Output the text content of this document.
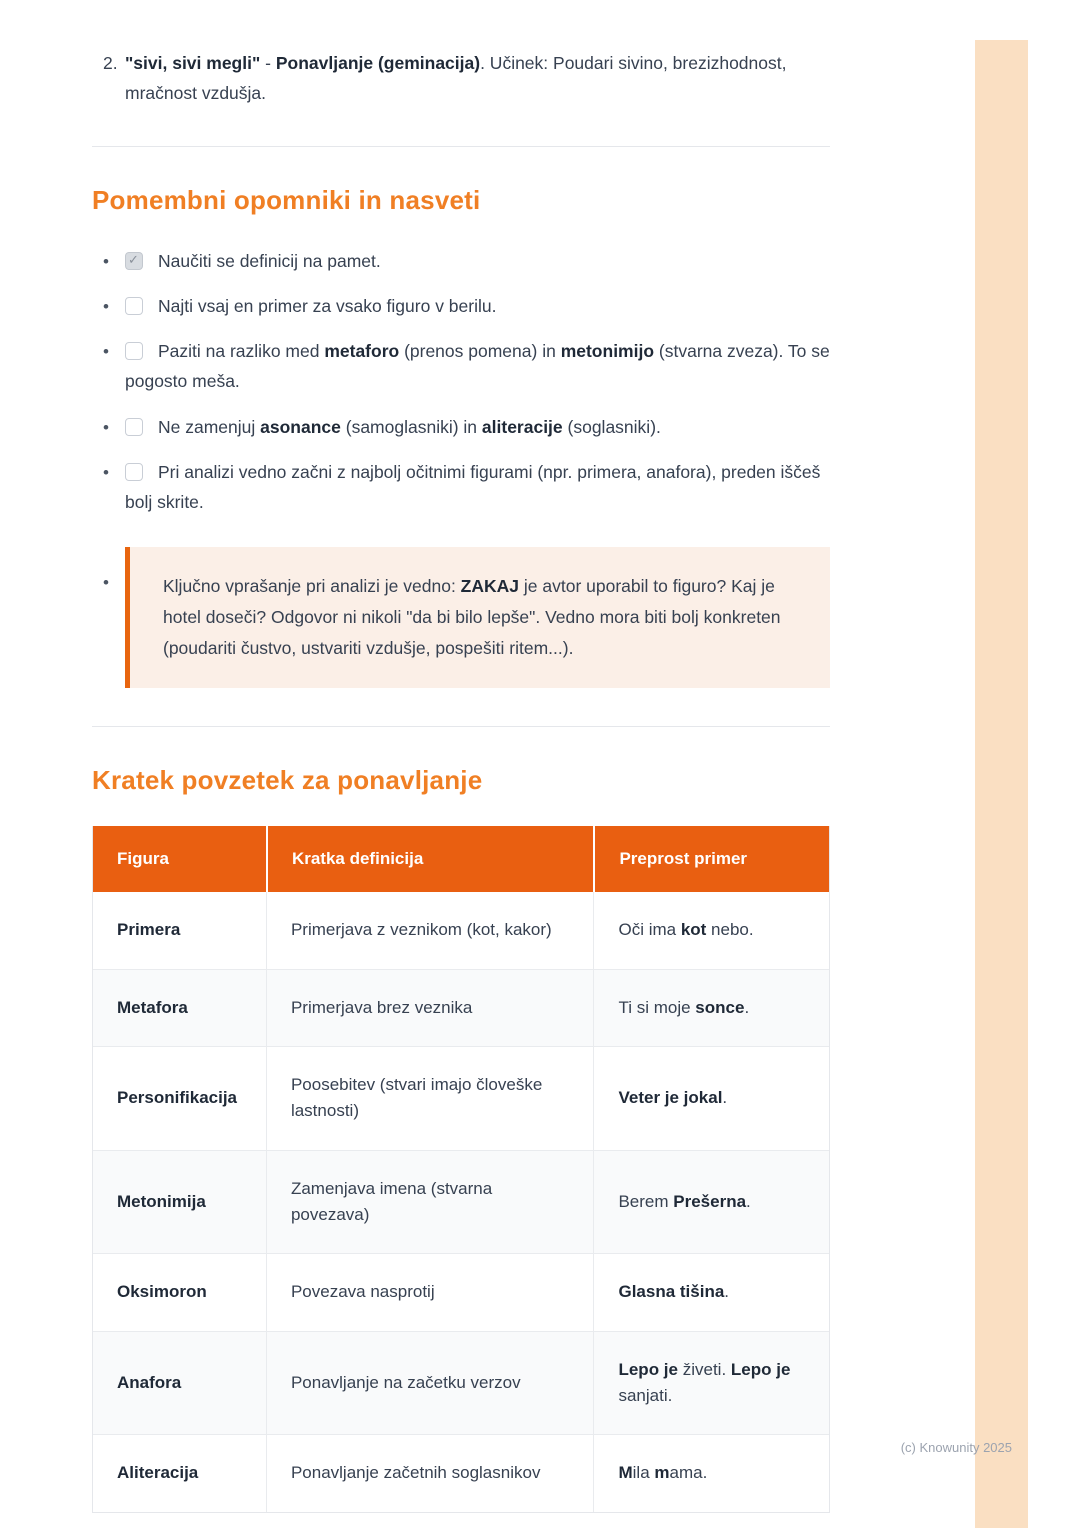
2. "sivi, sivi megli" - Ponavljanje (geminacija). Učinek: Poudari sivino, brezizhodnost, mračnost vzdušja.
Pomembni opomniki in nasveti
• ✓ Naučiti se definicij na pamet.
•	Najti vsaj en primer za vsako figuro v berilu.
•	Paziti na razliko med metaforo (prenos pomena) in metonimijo (stvarna zveza). To se pogosto meša.
•	Ne zamenjuj asonance (samoglasniki) in aliteracije (soglasniki).
•	Pri analizi vedno začni z najbolj očitnimi figurami (npr. primera, anafora), preden iščeš bolj skrite.
•	Ključno vprašanje pri analizi je vedno: ZAKAJ je avtor uporabil to figuro? Kaj je hotel doseči? Odgovor ni nikoli "da bi bilo lepše". Vedno mora biti bolj konkreten (poudariti čustvo, ustvariti vzdušje, pospešiti ritem...).
Kratek povzetek za ponavljanje
Figura	Kratka definicija	Preprost primer
Primera	Primerjava z veznikom (kot, kakor)	Oči ima kot nebo.
Metafora	Primerjava brez veznika	Ti si moje sonce.
Personifikacija	Poosebitev (stvari imajo človeške lastnosti)	Veter je jokal.
Metonimija	Zamenjava imena (stvarna povezava)	Berem Prešerna.
Oksimoron	Povezava nasprotij	Glasna tišina.
Anafora	Ponavljanje na začetku verzov	Lepo je živeti. Lepo je sanjati.
Aliteracija	Ponavljanje začetnih soglasnikov	Mila mama.
(c) Knowunity 2025
